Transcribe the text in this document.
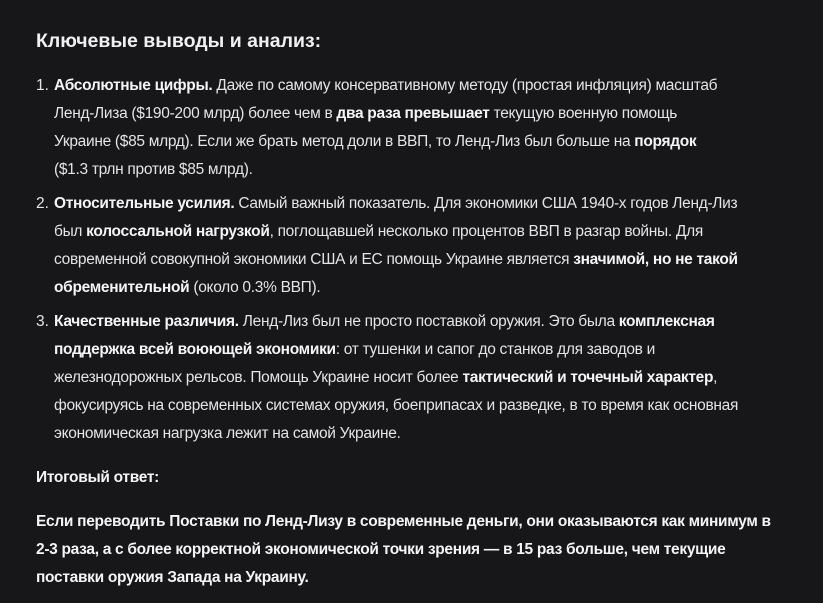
Ключевые выводы и анализ:
1. Абсолютные цифры. Даже по самому консервативному методу (простая инфляция) масштаб
Ленд-Лиза ($190-200 млрд) более чем в два раза превышает текущую военную помощь
Украине ($85 млрд). Если же брать метод доли в ВВП, то Ленд-Лиз был больше на порядок
($1.3 трлн против $85 млрд).
2. Относительные усилия. Самый важный показатель. Для экономики США 1940-х годов Ленд-Лиз
был колоссальной нагрузкой, поглощавшей несколько процентов ВВП в разгар войны. Для
современной совокупной экономики США и ЕС помощь Украине является значимой, но не такой
обременительной (около 0.3% ВВП).
3. Качественные различия. Ленд-Лиз был не просто поставкой оружия. Это была комплексная
поддержка всей воюющей экономики: от тушенки и сапог до станков для заводов и
железнодорожных рельсов. Помощь Украине носит более тактический и точечный характер,
фокусируясь на современных системах оружия, боеприпасах и разведке, в то время как основная
экономическая нагрузка лежит на самой Украине.
Итоговый ответ:
Если переводить Поставки по Ленд-Лизу в современные деньги, они оказываются как минимум в
2-3 раза, а с более корректной экономической точки зрения — в 15 раз больше, чем текущие
поставки оружия Запада на Украину.
